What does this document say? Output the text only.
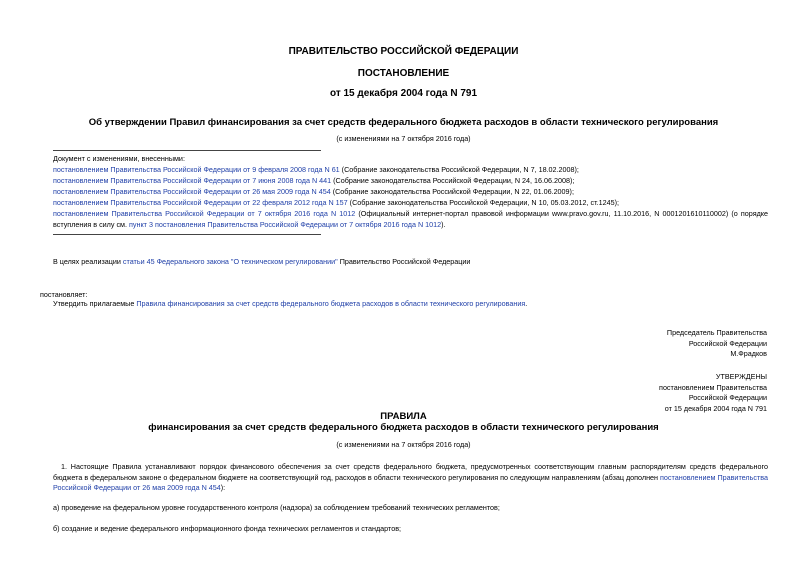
ПРАВИТЕЛЬСТВО РОССИЙСКОЙ ФЕДЕРАЦИИ
ПОСТАНОВЛЕНИЕ
от 15 декабря 2004 года N 791
Об утверждении Правил финансирования за счет средств федерального бюджета расходов в области технического регулирования
(с изменениями на 7 октября 2016 года)
Документ с изменениями, внесенными:
постановлением Правительства Российской Федерации от 9 февраля 2008 года N 61 (Собрание законодательства Российской Федерации, N 7, 18.02.2008);
постановлением Правительства Российской Федерации от 7 июня 2008 года N 441 (Собрание законодательства Российской Федерации, N 24, 16.06.2008);
постановлением Правительства Российской Федерации от 26 мая 2009 года N 454 (Собрание законодательства Российской Федерации, N 22, 01.06.2009);
постановлением Правительства Российской Федерации от 22 февраля 2012 года N 157 (Собрание законодательства Российской Федерации, N 10, 05.03.2012, ст.1245);
постановлением Правительства Российской Федерации от 7 октября 2016 года N 1012 (Официальный интернет-портал правовой информации www.pravo.gov.ru, 11.10.2016, N 0001201610110002) (о порядке вступления в силу см. пункт 3 постановления Правительства Российской Федерации от 7 октября 2016 года N 1012).
В целях реализации статьи 45 Федерального закона "О техническом регулировании" Правительство Российской Федерации
постановляет:
Утвердить прилагаемые Правила финансирования за счет средств федерального бюджета расходов в области технического регулирования.
Председатель Правительства
Российской Федерации
М.Фрадков
УТВЕРЖДЕНЫ
постановлением Правительства
Российской Федерации
от 15 декабря 2004 года N 791
ПРАВИЛА
финансирования за счет средств федерального бюджета расходов в области технического регулирования
(с изменениями на 7 октября 2016 года)
1. Настоящие Правила устанавливают порядок финансового обеспечения за счет средств федерального бюджета, предусмотренных соответствующим главным распорядителям средств федерального бюджета в федеральном законе о федеральном бюджете на соответствующий год, расходов в области технического регулирования по следующим направлениям (абзац дополнен постановлением Правительства Российской Федерации от 26 мая 2009 года N 454):
а) проведение на федеральном уровне государственного контроля (надзора) за соблюдением требований технических регламентов;
б) создание и ведение федерального информационного фонда технических регламентов и стандартов;
